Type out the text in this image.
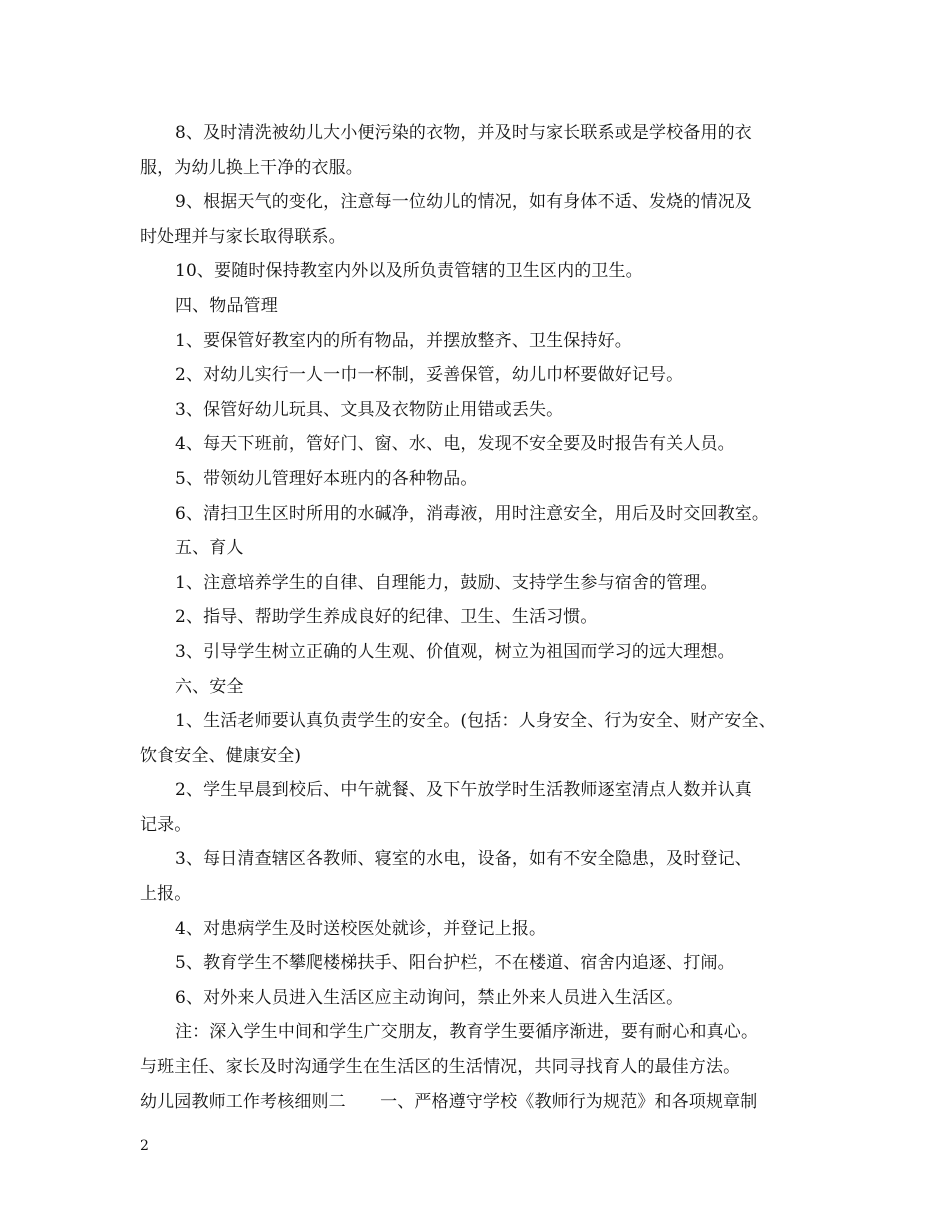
8、及时清洗被幼儿大小便污染的衣物，并及时与家长联系或是学校备用的衣
服，为幼儿换上干净的衣服。
9、根据天气的变化，注意每一位幼儿的情况，如有身体不适、发烧的情况及
时处理并与家长取得联系。
10、要随时保持教室内外以及所负责管辖的卫生区内的卫生。
四、物品管理
1、要保管好教室内的所有物品，并摆放整齐、卫生保持好。
2、对幼儿实行一人一巾一杯制，妥善保管，幼儿巾杯要做好记号。
3、保管好幼儿玩具、文具及衣物防止用错或丢失。
4、每天下班前，管好门、窗、水、电，发现不安全要及时报告有关人员。
5、带领幼儿管理好本班内的各种物品。
6、清扫卫生区时所用的水碱净，消毒液，用时注意安全，用后及时交回教室。
五、育人
1、注意培养学生的自律、自理能力，鼓励、支持学生参与宿舍的管理。
2、指导、帮助学生养成良好的纪律、卫生、生活习惯。
3、引导学生树立正确的人生观、价值观，树立为祖国而学习的远大理想。
六、安全
1、生活老师要认真负责学生的安全。(包括：人身安全、行为安全、财产安全、
饮食安全、健康安全)
2、学生早晨到校后、中午就餐、及下午放学时生活教师逐室清点人数并认真
记录。
3、每日清查辖区各教师、寝室的水电，设备，如有不安全隐患，及时登记、
上报。
4、对患病学生及时送校医处就诊，并登记上报。
5、教育学生不攀爬楼梯扶手、阳台护栏，不在楼道、宿舍内追逐、打闹。
6、对外来人员进入生活区应主动询问，禁止外来人员进入生活区。
注：深入学生中间和学生广交朋友，教育学生要循序渐进，要有耐心和真心。
与班主任、家长及时沟通学生在生活区的生活情况，共同寻找育人的最佳方法。
幼儿园教师工作考核细则二　　一、严格遵守学校《教师行为规范》和各项规章制
2
